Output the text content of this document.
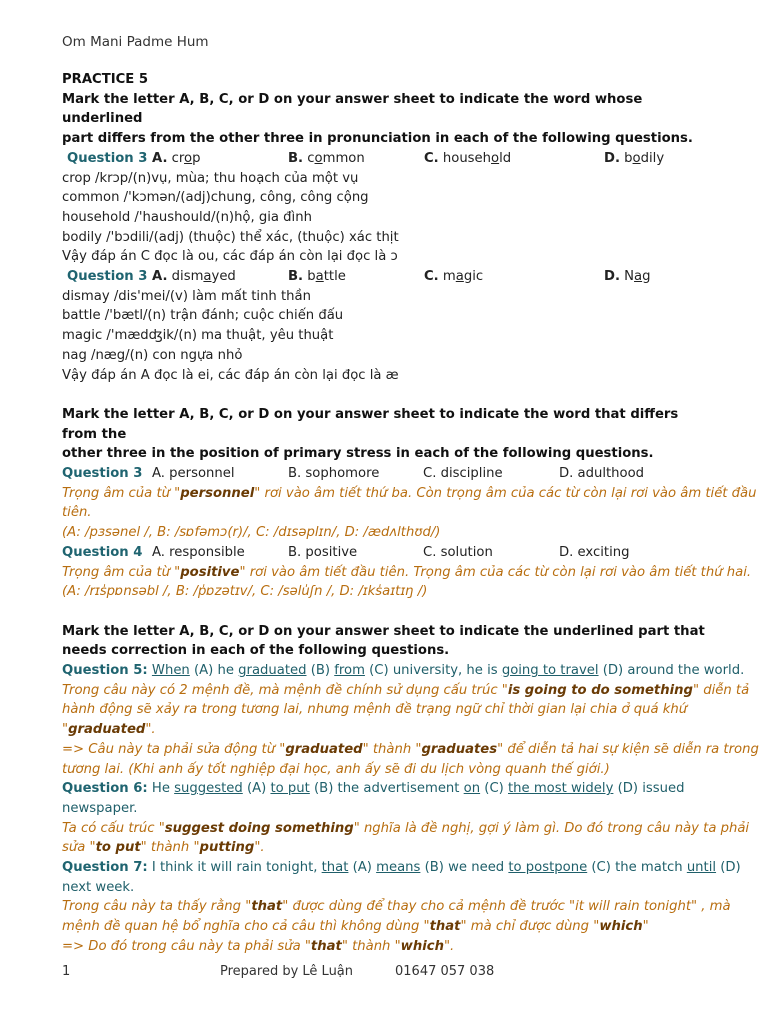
Om Mani Padme Hum
PRACTICE 5
Mark the letter A, B, C, or D on your answer sheet to indicate the word whose underlined
part differs from the other three in pronunciation in each of the following questions.
Question 3 A. crop	B. common	C. household	D. bodily
crop /krɔp/(n)vụ, mùa; thu hoạch của một vụ
common /'kɔmən/(adj)chung, công, công cộng
household /'haushould/(n)hộ, gia đình
bodily /'bɔdili/(adj) (thuộc) thể xác, (thuộc) xác thịt
Vậy đáp án C đọc là ou, các đáp án còn lại đọc là ɔ
Question 3 A. dismayed	B. battle	C. magic	D. Nag
dismay /dis'mei/(v) làm mất tinh thần
battle /'bætl/(n) trận đánh; cuộc chiến đấu
magic /'mædʤik/(n) ma thuật, yêu thuật
nag /næg/(n) con ngựa nhỏ
Vậy đáp án A đọc là ei, các đáp án còn lại đọc là æ
Mark the letter A, B, C, or D on your answer sheet to indicate the word that differs from the
other three in the position of primary stress in each of the following questions.
Question 3 A. personnel	B. sophomore	C. discipline	D. adulthood
Trọng âm của từ "personnel" rơi vào âm tiết thứ ba. Còn trọng âm của các từ còn lại rơi vào âm tiết đầu
tiên.
(A: /pɜsənel /, B: /sɒfəmɔ(r)/, C: /dɪsəplɪn/, D: /ædʌlthʊd/)
Question 4 A. responsible	B. positive	C. solution	D. exciting
Trọng âm của từ "positive" rơi vào âm tiết đầu tiên. Trọng âm của các từ còn lại rơi vào âm tiết thứ hai.
(A: /rɪs̍pɒnsəbl /, B: /p̍ɒzətɪv/, C: /səlu̍ʃn /, D: /ɪks̍aɪtɪŋ /)
Mark the letter A, B, C, or D on your answer sheet to indicate the underlined part that
needs correction in each of the following questions.
Question 5: When (A) he graduated (B) from (C) university, he is going to travel (D) around the world.
Trong câu này có 2 mệnh đề, mà mệnh đề chính sử dụng cấu trúc "is going to do something" diễn tả
hành động sẽ xảy ra trong tương lai, nhưng mệnh đề trạng ngữ chỉ thời gian lại chia ở quá khứ
"graduated".
=> Câu này ta phải sửa động từ "graduated" thành "graduates" để diễn tả hai sự kiện sẽ diễn ra trong
tương lai. (Khi anh ấy tốt nghiệp đại học, anh ấy sẽ đi du lịch vòng quanh thế giới.)
Question 6: He suggested (A) to put (B) the advertisement on (C) the most widely (D) issued
newspaper.
Ta có cấu trúc "suggest doing something" nghĩa là đề nghị, gợi ý làm gì. Do đó trong câu này ta phải
sửa "to put" thành "putting".
Question 7: I think it will rain tonight, that (A) means (B) we need to postpone (C) the match until (D)
next week.
Trong câu này ta thấy rằng "that" được dùng để thay cho cả mệnh đề trước "it will rain tonight" , mà
mệnh đề quan hệ bổ nghĩa cho cả câu thì không dùng "that" mà chỉ được dùng "which"
=> Do đó trong câu này ta phải sửa "that" thành "which".
1	Prepared by Lê Luận	01647 057 038
